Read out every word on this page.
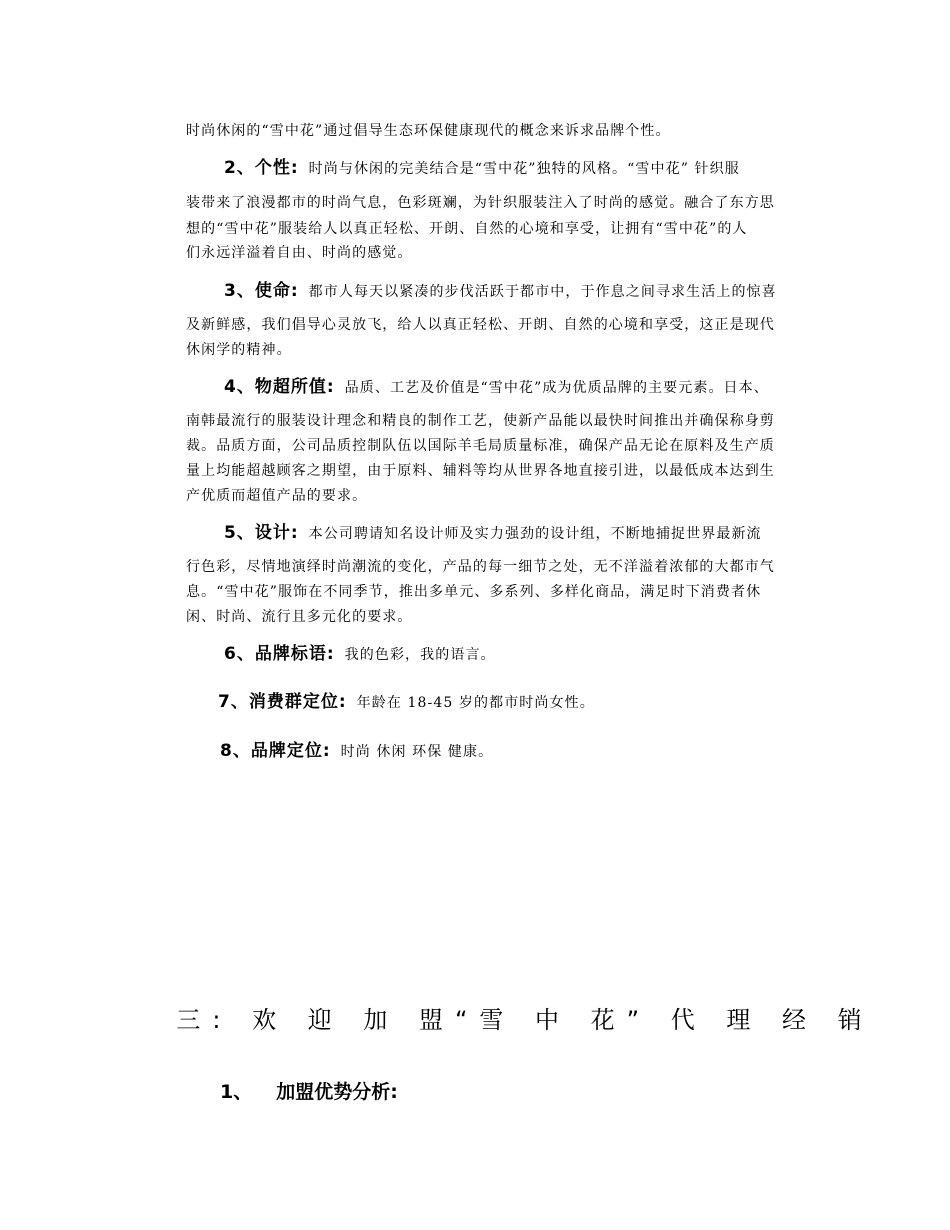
时尚休闲的“雪中花”通过倡导生态环保健康现代的概念来诉求品牌个性。
2、个性: 时尚与休闲的完美结合是“雪中花”独特的风格。“雪中花” 针织服
装带来了浪漫都市的时尚气息，色彩斑斓，为针织服装注入了时尚的感觉。融合了东方思
想的“雪中花”服装给人以真正轻松、开朗、自然的心境和享受，让拥有“雪中花”的人
们永远洋溢着自由、时尚的感觉。
3、使命: 都市人每天以紧凑的步伐活跃于都市中，于作息之间寻求生活上的惊喜
及新鲜感，我们倡导心灵放飞，给人以真正轻松、开朗、自然的心境和享受，这正是现代
休闲学的精神。
4、物超所值: 品质、工艺及价值是“雪中花”成为优质品牌的主要元素。日本、
南韩最流行的服装设计理念和精良的制作工艺，使新产品能以最快时间推出并确保称身剪
裁。品质方面，公司品质控制队伍以国际羊毛局质量标准，确保产品无论在原料及生产质
量上均能超越顾客之期望，由于原料、辅料等均从世界各地直接引进，以最低成本达到生
产优质而超值产品的要求。
5、设计: 本公司聘请知名设计师及实力强劲的设计组，不断地捕捉世界最新流
行色彩，尽情地演绎时尚潮流的变化，产品的每一细节之处，无不洋溢着浓郁的大都市气
息。“雪中花”服饰在不同季节，推出多单元、多系列、多样化商品，满足时下消费者休
闲、时尚、流行且多元化的要求。
6、品牌标语: 我的色彩，我的语言。
7、消费群定位: 年龄在 18-45 岁的都市时尚女性。
8、品牌定位: 时尚 休闲 环保 健康。
三: 欢 迎 加 盟“雪 中 花” 代 理 经 销
1、 加盟优势分析:
